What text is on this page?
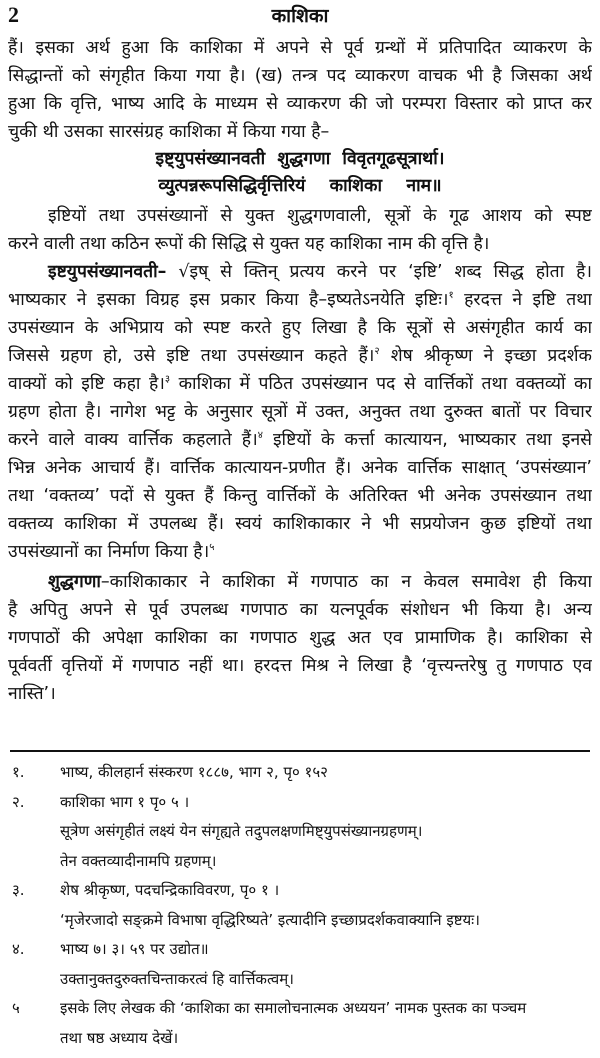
2	काशिका
हैं। इसका अर्थ हुआ कि काशिका में अपने से पूर्व ग्रन्थों में प्रतिपादित व्याकरण के
सिद्धान्तों को संगृहीत किया गया है। (ख) तन्त्र पद व्याकरण वाचक भी है जिसका अर्थ
हुआ कि वृत्ति, भाष्य आदि के माध्यम से व्याकरण की जो परम्परा विस्तार को प्राप्त कर
चुकी थी उसका सारसंग्रह काशिका में किया गया है–
इष्ट्युपसंख्यानवती  शुद्धगणा  विवृतगूढसूत्रार्था।
व्युत्पन्नरूपसिद्धिर्वृत्तिरियं    काशिका    नाम॥
इष्टियों तथा उपसंख्यानों से युक्त शुद्धगणवाली, सूत्रों के गूढ आशय को स्पष्ट
करने वाली तथा कठिन रूपों की सिद्धि से युक्त यह काशिका नाम की वृत्ति है।
इष्टयुपसंख्यानवती– √इष् से क्तिन् प्रत्यय करने पर ‘इष्टि’ शब्द सिद्ध होता है।
भाष्यकार ने इसका विग्रह इस प्रकार किया है–इष्यतेऽनयेति इष्टिः।$^१$ हरदत्त ने इष्टि तथा
उपसंख्यान के अभिप्राय को स्पष्ट करते हुए लिखा है कि सूत्रों से असंगृहीत कार्य का
जिससे ग्रहण हो, उसे इष्टि तथा उपसंख्यान कहते हैं।$^२$ शेष श्रीकृष्ण ने इच्छा प्रदर्शक
वाक्यों को इष्टि कहा है।$^३$ काशिका में पठित उपसंख्यान पद से वार्त्तिकों तथा वक्तव्यों का
ग्रहण होता है। नागेश भट्ट के अनुसार सूत्रों में उक्त, अनुक्त तथा दुरुक्त बातों पर विचार
करने वाले वाक्य वार्त्तिक कहलाते हैं।$^४$ इष्टियों के कर्त्ता कात्यायन, भाष्यकार तथा इनसे
भिन्न अनेक आचार्य हैं। वार्त्तिक कात्यायन-प्रणीत हैं। अनेक वार्त्तिक साक्षात् ‘उपसंख्यान’
तथा ‘वक्तव्य’ पदों से युक्त हैं किन्तु वार्त्तिकों के अतिरिक्त भी अनेक उपसंख्यान तथा
वक्तव्य काशिका में उपलब्ध हैं। स्वयं काशिकाकार ने भी सप्रयोजन कुछ इष्टियों तथा
उपसंख्यानों का निर्माण किया है।$^५$
शुद्धगणा–काशिकाकार ने काशिका में गणपाठ का न केवल समावेश ही किया
है अपितु अपने से पूर्व उपलब्ध गणपाठ का यत्नपूर्वक संशोधन भी किया है। अन्य
गणपाठों की अपेक्षा काशिका का गणपाठ शुद्ध अत एव प्रामाणिक है। काशिका से
पूर्ववर्ती वृत्तियों में गणपाठ नहीं था। हरदत्त मिश्र ने लिखा है ‘वृत्त्यन्तरेषु तु गणपाठ एव
नास्ति’।
१. भाष्य, कीलहार्न संस्करण १८८७, भाग २, पृ० १५२
२. काशिका भाग १ पृ० ५ ।
सूत्रेण असंगृहीतं लक्ष्यं येन संगृह्यते तदुपलक्षणमिष्ट्युपसंख्यानग्रहणम्।
तेन वक्तव्यादीनामपि ग्रहणम्।
३. शेष श्रीकृष्ण, पदचन्द्रिकाविवरण, पृ० १ ।
‘मृजेरजादो सङ्क्रमे विभाषा वृद्धिरिष्यते’ इत्यादीनि इच्छाप्रदर्शकवाक्यानि इष्टयः।
४. भाष्य ७। ३। ५९ पर उद्योत॥
उक्तानुक्तदुरुक्तचिन्ताकरत्वं हि वार्त्तिकत्वम्।
५	इसके लिए लेखक की ‘काशिका का समालोचनात्मक अध्ययन’ नामक पुस्तक का पञ्चम
तथा षष्ठ अध्याय देखें।
